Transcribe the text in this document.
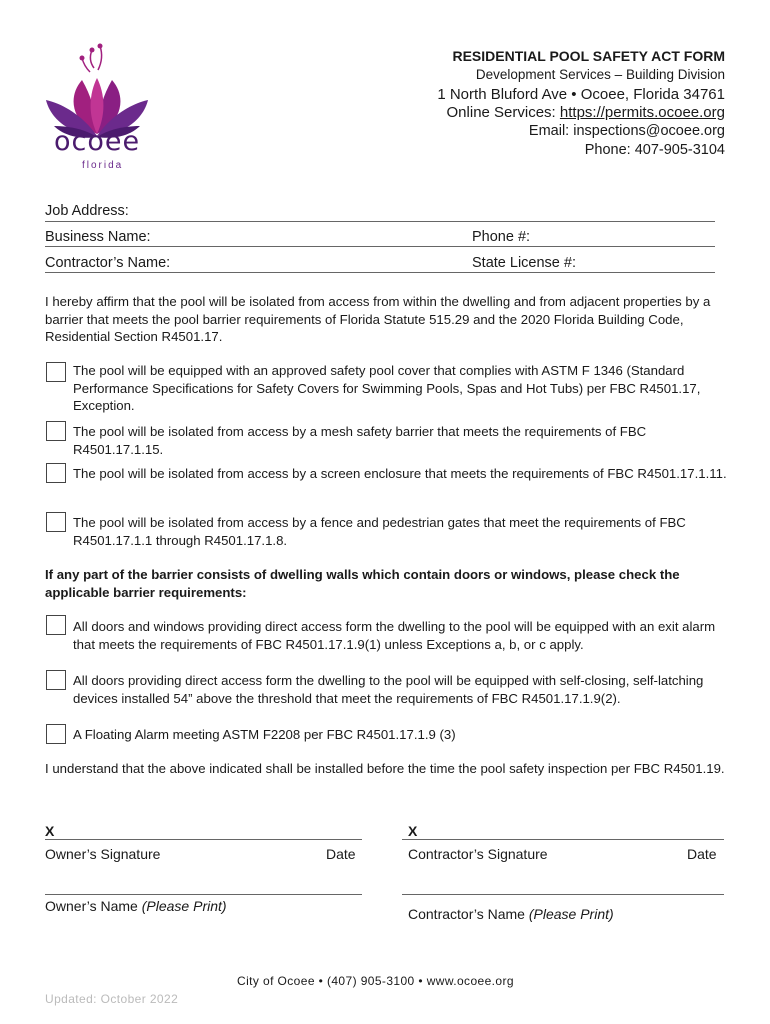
ocoee
florida
RESIDENTIAL POOL SAFETY ACT FORM
Development Services – Building Division
1 North Bluford Ave • Ocoee, Florida 34761
Online Services: https://permits.ocoee.org
Email: inspections@ocoee.org
Phone: 407-905-3104
Job Address:
Business Name:	Phone #:
Contractor’s Name:	State License #:
I hereby affirm that the pool will be isolated from access from within the dwelling and from adjacent properties by a barrier that meets the pool barrier requirements of Florida Statute 515.29 and the 2020 Florida Building Code, Residential Section R4501.17.
The pool will be equipped with an approved safety pool cover that complies with ASTM F 1346 (Standard Performance Specifications for Safety Covers for Swimming Pools, Spas and Hot Tubs) per FBC R4501.17, Exception.
The pool will be isolated from access by a mesh safety barrier that meets the requirements of FBC R4501.17.1.15.
The pool will be isolated from access by a screen enclosure that meets the requirements of FBC R4501.17.1.11.
The pool will be isolated from access by a fence and pedestrian gates that meet the requirements of FBC R4501.17.1.1 through R4501.17.1.8.
If any part of the barrier consists of dwelling walls which contain doors or windows, please check the applicable barrier requirements:
All doors and windows providing direct access form the dwelling to the pool will be equipped with an exit alarm that meets the requirements of FBC R4501.17.1.9(1) unless Exceptions a, b, or c apply.
All doors providing direct access form the dwelling to the pool will be equipped with self-closing, self-latching devices installed 54” above the threshold that meet the requirements of FBC R4501.17.1.9(2).
A Floating Alarm meeting ASTM F2208 per FBC R4501.17.1.9 (3)
I understand that the above indicated shall be installed before the time the pool safety inspection per FBC R4501.19.
X
Owner’s Signature	Date
X
Contractor’s Signature	Date
Owner’s Name (Please Print)	Contractor’s Name (Please Print)
City of Ocoee • (407) 905-3100 • www.ocoee.org
Updated: October 2022
